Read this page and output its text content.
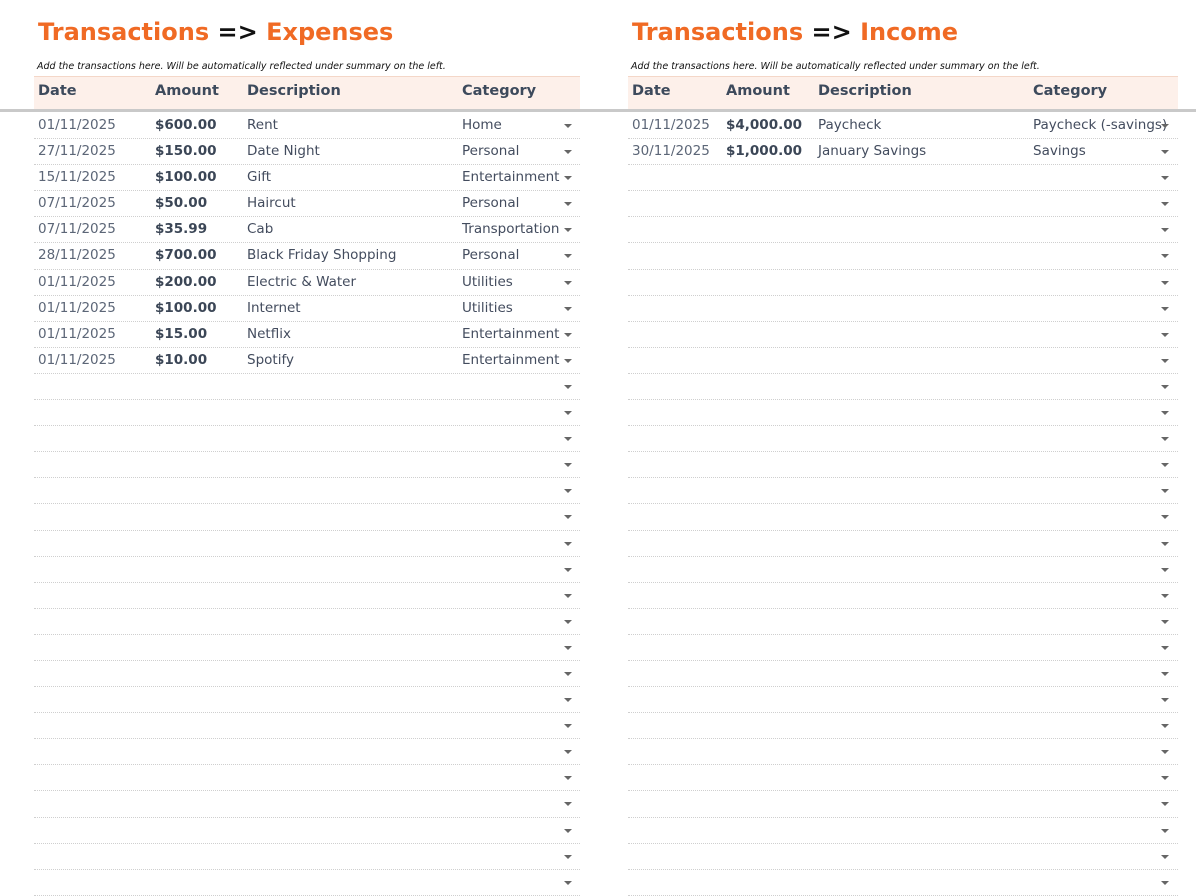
Transactions => Expenses
Add the transactions here. Will be automatically reflected under summary on the left.
Date	Amount Description	Category
01/11/2025	$600.00 Rent	Home
27/11/2025	$150.00 Date Night	Personal
15/11/2025	$100.00 Gift	Entertainment
07/11/2025	$50.00	Haircut	Personal
07/11/2025	$35.99	Cab	Transportation
28/11/2025	$700.00 Black Friday Shopping	Personal
01/11/2025	$200.00 Electric & Water	Utilities
01/11/2025	$100.00 Internet	Utilities
01/11/2025	$15.00	Netflix	Entertainment
01/11/2025	$10.00	Spotify	Entertainment
Transactions => Income
Add the transactions here. Will be automatically reflected under summary on the left.
Date	Amount Description	Category
01/11/2025 $4,000.00 Paycheck	Paycheck (-savings)
30/11/2025 $1,000.00 January Savings	Savings
